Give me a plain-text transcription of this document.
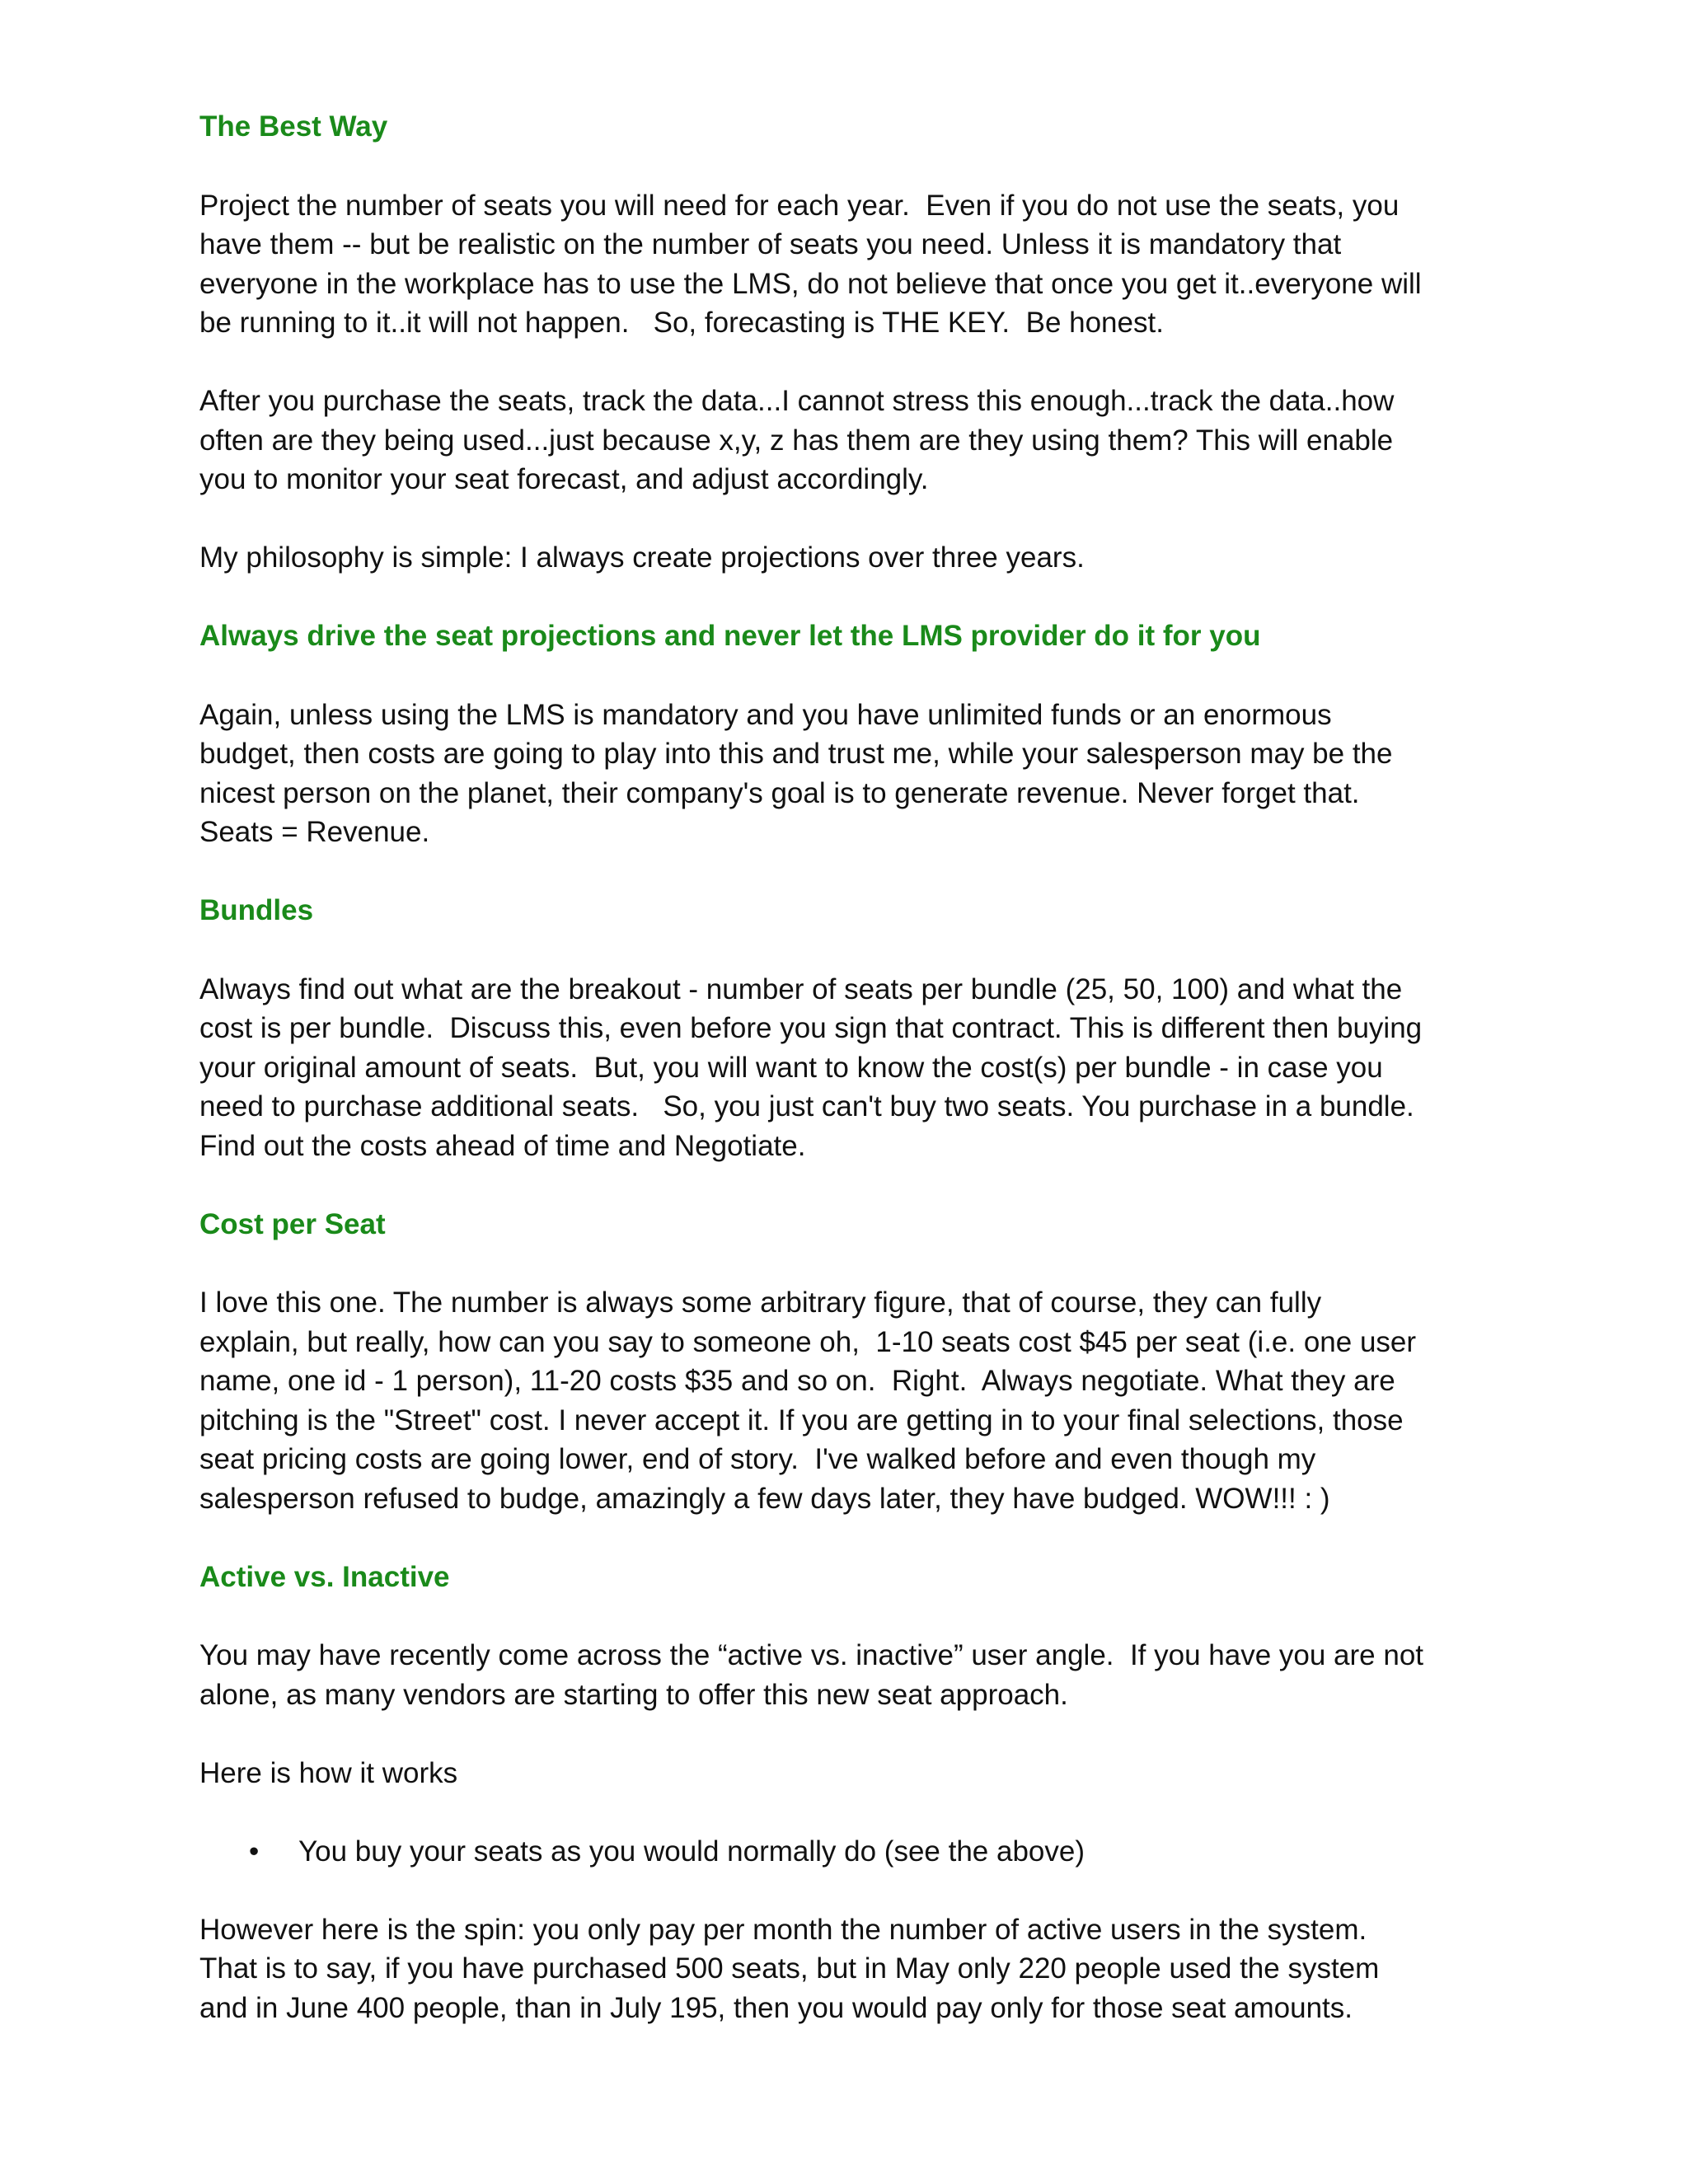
The Best Way

Project the number of seats you will need for each year.  Even if you do not use the seats, you
have them -- but be realistic on the number of seats you need. Unless it is mandatory that
everyone in the workplace has to use the LMS, do not believe that once you get it..everyone will
be running to it..it will not happen.   So, forecasting is THE KEY.  Be honest.

After you purchase the seats, track the data...I cannot stress this enough...track the data..how
often are they being used...just because x,y, z has them are they using them? This will enable
you to monitor your seat forecast, and adjust accordingly.

My philosophy is simple: I always create projections over three years.

Always drive the seat projections and never let the LMS provider do it for you

Again, unless using the LMS is mandatory and you have unlimited funds or an enormous
budget, then costs are going to play into this and trust me, while your salesperson may be the
nicest person on the planet, their company's goal is to generate revenue. Never forget that.
Seats = Revenue.

Bundles

Always find out what are the breakout - number of seats per bundle (25, 50, 100) and what the
cost is per bundle.  Discuss this, even before you sign that contract. This is different then buying
your original amount of seats.  But, you will want to know the cost(s) per bundle - in case you
need to purchase additional seats.   So, you just can't buy two seats. You purchase in a bundle.
Find out the costs ahead of time and Negotiate.

Cost per Seat

I love this one. The number is always some arbitrary figure, that of course, they can fully
explain, but really, how can you say to someone oh,  1-10 seats cost $45 per seat (i.e. one user
name, one id - 1 person), 11-20 costs $35 and so on.  Right.  Always negotiate. What they are
pitching is the "Street" cost. I never accept it. If you are getting in to your final selections, those
seat pricing costs are going lower, end of story.  I've walked before and even though my
salesperson refused to budge, amazingly a few days later, they have budged. WOW!!! : )

Active vs. Inactive

You may have recently come across the “active vs. inactive” user angle.  If you have you are not
alone, as many vendors are starting to offer this new seat approach.

Here is how it works

• You buy your seats as you would normally do (see the above)

However here is the spin: you only pay per month the number of active users in the system.
That is to say, if you have purchased 500 seats, but in May only 220 people used the system
and in June 400 people, than in July 195, then you would pay only for those seat amounts.
